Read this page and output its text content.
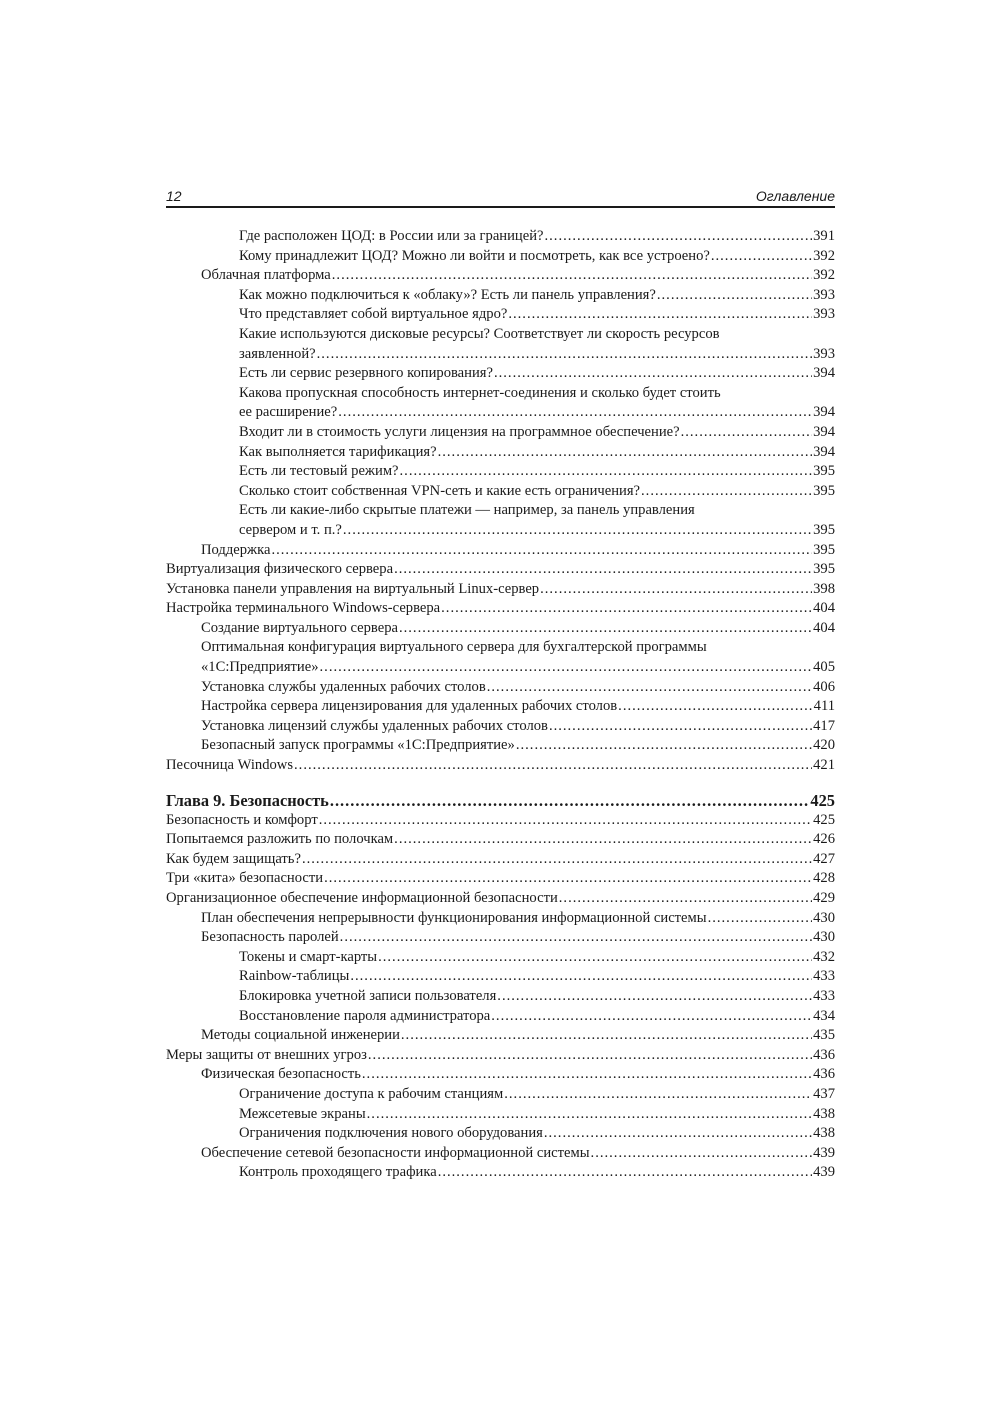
12	Оглавление
Где расположен ЦОД: в России или за границей? .....	391
Кому принадлежит ЦОД? Можно ли войти и посмотреть, как все устроено? .....	392
Облачная платформа .....	392
Как можно подключиться к «облаку»? Есть ли панель управления? .....	393
Что представляет собой виртуальное ядро? .....	393
Какие используются дисковые ресурсы? Соответствует ли скорость ресурсов
заявленной? .....	393
Есть ли сервис резервного копирования? .....	394
Какова пропускная способность интернет-соединения и сколько будет стоить
ее расширение? .....	394
Входит ли в стоимость услуги лицензия на программное обеспечение? .....	394
Как выполняется тарификация? .....	394
Есть ли тестовый режим? .....	395
Сколько стоит собственная VPN-сеть и какие есть ограничения? .....	395
Есть ли какие-либо скрытые платежи — например, за панель управления
сервером и т. п.? .....	395
Поддержка .....	395
Виртуализация физического сервера .....	395
Установка панели управления на виртуальный Linux-сервер .....	398
Настройка терминального Windows-сервера .....	404
Создание виртуального сервера .....	404
Оптимальная конфигурация виртуального сервера для бухгалтерской программы
«1С:Предприятие» .....	405
Установка службы удаленных рабочих столов .....	406
Настройка сервера лицензирования для удаленных рабочих столов .....	411
Установка лицензий службы удаленных рабочих столов .....	417
Безопасный запуск программы «1С:Предприятие» .....	420
Песочница Windows .....	421
Глава 9. Безопасность .....	425
Безопасность и комфорт .....	425
Попытаемся разложить по полочкам .....	426
Как будем защищать? .....	427
Три «кита» безопасности .....	428
Организационное обеспечение информационной безопасности .....	429
План обеспечения непрерывности функционирования информационной системы .....	430
Безопасность паролей .....	430
Токены и смарт-карты .....	432
Rainbow-таблицы .....	433
Блокировка учетной записи пользователя .....	433
Восстановление пароля администратора .....	434
Методы социальной инженерии .....	435
Меры защиты от внешних угроз .....	436
Физическая безопасность .....	436
Ограничение доступа к рабочим станциям .....	437
Межсетевые экраны .....	438
Ограничения подключения нового оборудования .....	438
Обеспечение сетевой безопасности информационной системы .....	439
Контроль проходящего трафика .....	439
